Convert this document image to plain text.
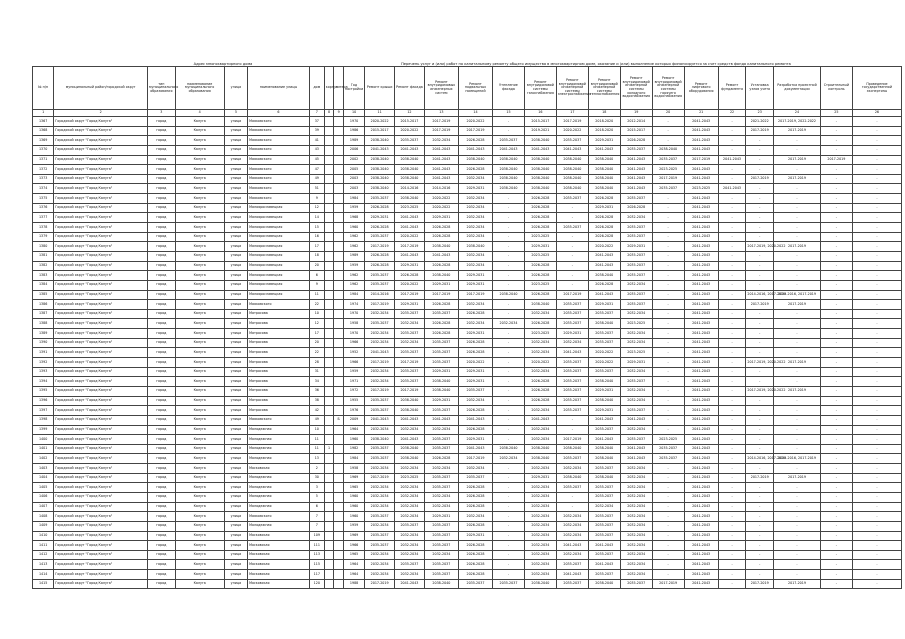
Адрес многоквартирного дома	Перечень услуг и (или) работ по капитальному ремонту общего имущества в многоквартирном доме, оказание и (или) выполнение которых финансируется за счет средств фонда капитального ремонта
№ п/п	муниципальный район/городской округ	тип муниципального образования	наименование муниципального образования	улица	наименование улицы	дом	корпус	литера	Год постройки	Ремонт крыши	Ремонт фасада	Ремонт внутридомовых инженерных систем	Ремонт подвальных помещений	Утепление фасада	Ремонт внутридомовой системы газоснабжения	Ремонт внутридомовой инженерной системы электроснабжения	Ремонт внутридомовой инженерной системы теплоснабжения	Ремонт внутридомовой инженерной системы холодного водоснабжения	Ремонт внутридомовой инженерной системы горячего водоснабжения	Ремонт лифтового оборудования	Ремонт фундамента	Установка узлов учета	Разработка проектной документации	Строительный контроль	Проведение государственной экспертизы
1	2	3	4	5	6	7	8	9	10	11	12	13	14	15	16	17	18	19	20	21	22	23	24	25	26
1367	Городской округ "Город Калуга"	город	Калуга	улица	Маяковского	37			1970	2020-2022	2015-2017	2017-2019	2020-2022	-	2015-2017	2017-2019	2018-2020	2012-2014	-	2041-2043	-	2021-2022	2017-2019, 2022-2022	-	-
1368	Городской округ "Город Калуга"	город	Калуга	улица	Маяковского	39			1986	2015-2017	2020-2022	2017-2019	2017-2019	-	2019-2021	2020-2022	2018-2020	2015-2017	-	2041-2043	-	2017-2019	2017-2019	-	-
1369	Городской округ "Город Калуга"	город	Калуга	улица	Маяковского	41			1989	2038-2040	2035-2037	2032-2034	2026-2028	2035-2037	2038-2040	2035-2037	2029-2031	2026-2028	-	2041-2043	-	-	-	-	-
1370	Городской округ "Город Калуга"	город	Калуга	улица	Маяковского	43			2006	2041-2043	2041-2043	2041-2043	2041-2043	2041-2043	2041-2043	2041-2043	2041-2043	2035-2037	2038-2040	2041-2043	-	-	-	-	-
1371	Городской округ "Город Калуга"	город	Калуга	улица	Маяковского	45			2002	2038-2040	2038-2040	2041-2043	2038-2040	2038-2040	2038-2040	2038-2040	2038-2040	2041-2043	2035-2037	2017-2019	2041-2043	-	2017-2019	2017-2019	-
1372	Городской округ "Город Калуга"	город	Калуга	улица	Маяковского	47			2005	2038-2040	2038-2040	2041-2043	2026-2028	2038-2040	2038-2040	2038-2040	2038-2040	2041-2043	2023-2025	2041-2043	-	-	-	-	-
1373	Городской округ "Город Калуга"	город	Калуга	улица	Маяковского	49			2003	2038-2040	2038-2040	2041-2043	2032-2034	2038-2040	2038-2040	2038-2040	2038-2040	2041-2043	2017-2019	2041-2043	-	2017-2019	2017-2019	-	-
1374	Городской округ "Город Калуга"	город	Калуга	улица	Маяковского	51			2003	2038-2040	2014-2016	2014-2016	2029-2031	2038-2040	2038-2040	2038-2040	2038-2040	2041-2043	2035-2037	2023-2025	2041-2043	-	-	-	-
1375	Городской округ "Город Калуга"	город	Калуга	улица	Маяковского	9			1984	2035-2037	2038-2040	2020-2022	2032-2034	-	2026-2028	2035-2037	2026-2028	2035-2037	-	2041-2043	-	-	-	-	-
1376	Городской округ "Город Калуга"	город	Калуга	улица	Малоярославецкая	12			1959	2026-2028	2023-2025	2020-2022	2032-2034	-	2026-2028	-	2029-2031	2026-2028	-	2041-2043	-	-	-	-	-
1377	Городской округ "Город Калуга"	город	Калуга	улица	Малоярославецкая	14			1968	2029-2031	2041-2043	2029-2031	2032-2034	-	2026-2028	-	2026-2028	2032-2034	-	2041-2043	-	-	-	-	-
1378	Городской округ "Город Калуга"	город	Калуга	улица	Малоярославецкая	15			1960	2026-2028	2041-2043	2026-2028	2032-2034	-	2026-2028	2035-2037	2026-2028	2035-2037	-	2041-2043	-	-	-	-	-
1379	Городской округ "Город Калуга"	город	Калуга	улица	Малоярославецкая	16			1962	2035-2037	2020-2022	2026-2028	2032-2034	-	2023-2025	-	2026-2028	2035-2037	-	2041-2043	-	-	-	-	-
1380	Городской округ "Город Калуга"	город	Калуга	улица	Малоярославецкая	17			1962	2017-2019	2017-2019	2038-2040	2038-2040	-	2029-2031	-	2020-2022	2029-2031	-	2041-2043	-	2017-2019, 2020-2022	2017-2019	-	-
1381	Городской округ "Город Калуга"	город	Калуга	улица	Малоярославецкая	18			1989	2026-2028	2041-2043	2041-2043	2032-2034	-	2023-2025	-	2041-2043	2035-2037	-	2041-2043	-	-	-	-	-
1382	Городской округ "Город Калуга"	город	Калуга	улица	Малоярославецкая	20			1959	2026-2028	2029-2031	2026-2028	2032-2034	-	2026-2028	-	2041-2043	2035-2037	-	2041-2043	-	-	-	-	-
1383	Городской округ "Город Калуга"	город	Калуга	улица	Малоярославецкая	6			1962	2035-2037	2026-2028	2038-2040	2029-2031	-	2026-2028	-	2038-2040	2035-2037	-	2041-2043	-	-	-	-	-
1384	Городской округ "Город Калуга"	город	Калуга	улица	Малоярославецкая	9			1962	2035-2037	2020-2022	2029-2031	2029-2031	-	2023-2025	-	2026-2028	2032-2034	-	2041-2043	-	-	-	-	-
1385	Городской округ "Город Калуга"	город	Калуга	улица	Малоярославецкая	11			1984	2014-2016	2017-2019	2017-2019	2017-2019	2038-2040	2026-2028	2017-2019	2041-2043	2035-2037	-	2041-2043	-	2014-2016, 2017-2019	2014-2016, 2017-2019	-	-
1386	Городской округ "Город Калуга"	город	Калуга	улица	Маяковского	22			1974	2017-2019	2029-2031	2026-2028	2032-2034	-	2038-2040	2035-2037	2029-2031	2035-2037	-	2041-2043	-	2017-2019	2017-2019	-	-
1387	Городской округ "Город Калуга"	город	Калуга	улица	Матросова	10			1970	2032-2034	2035-2037	2035-2037	2026-2028	-	2032-2034	2035-2037	2035-2037	2032-2034	-	2041-2043	-	-	-	-	-
1388	Городской округ "Город Калуга"	город	Калуга	улица	Матросова	12			1958	2035-2037	2032-2034	2026-2028	2032-2034	2032-2034	2026-2028	2035-2037	2038-2040	2023-2025	-	2041-2043	-	-	-	-	-
1389	Городской округ "Город Калуга"	город	Калуга	улица	Матросова	17			1970	2032-2034	2035-2037	2026-2028	2029-2031	-	2023-2025	2029-2031	2035-2037	2032-2034	-	2041-2043	-	-	-	-	-
1390	Городской округ "Город Калуга"	город	Калуга	улица	Матросова	20			1966	2032-2034	2032-2034	2035-2037	2026-2028	-	2032-2034	2032-2034	2035-2037	2032-2034	-	2041-2043	-	-	-	-	-
1391	Городской округ "Город Калуга"	город	Калуга	улица	Матросова	22			1952	2041-2043	2035-2037	2035-2037	2026-2028	-	2032-2034	2041-2043	2020-2022	2023-2025	-	2041-2043	-	-	-	-	-
1392	Городской округ "Город Калуга"	город	Калуга	улица	Матросова	28			1966	2017-2019	2017-2019	2035-2037	2020-2022	-	2020-2022	2035-2037	2020-2022	2029-2031	-	2041-2043	-	2017-2019, 2020-2022	2017-2019	-	-
1393	Городской округ "Город Калуга"	город	Калуга	улица	Матросова	31			1959	2032-2034	2035-2037	2029-2031	2029-2031	-	2032-2034	2035-2037	2035-2037	2032-2034	-	2041-2043	-	-	-	-	-
1394	Городской округ "Город Калуга"	город	Калуга	улица	Матросова	34			1971	2032-2034	2035-2037	2038-2040	2029-2031	-	2026-2028	2035-2037	2038-2040	2035-2037	-	2041-2043	-	-	-	-	-
1395	Городской округ "Город Калуга"	город	Калуга	улица	Матросова	36			1972	2017-2019	2017-2019	2038-2040	2035-2037	-	2026-2028	2035-2037	2029-2031	2032-2034	-	2041-2043	-	2017-2019, 2020-2022	2017-2019	-	-
1396	Городской округ "Город Калуга"	город	Калуга	улица	Матросова	38			1955	2035-2037	2038-2040	2029-2031	2032-2034	-	2026-2028	2035-2037	2038-2040	2032-2034	-	2041-2043	-	-	-	-	-
1397	Городской округ "Город Калуга"	город	Калуга	улица	Матросова	42			1976	2035-2037	2038-2040	2035-2037	2026-2028	-	2032-2034	2035-2037	2029-2031	2035-2037	-	2041-2043	-	-	-	-	-
1398	Городской округ "Город Калуга"	город	Калуга	улица	Маяковского	49		Б	2009	2041-2043	2041-2043	2041-2043	2041-2043	-	2041-2043	-	2041-2043	2041-2043	-	2041-2043	-	-	-	-	-
1399	Городской округ "Город Калуга"	город	Калуга	улица	Молодежная	10			1964	2032-2034	2032-2034	2032-2034	2026-2028	-	2032-2034	-	2035-2037	2032-2034	-	2041-2043	-	-	-	-	-
1400	Городской округ "Город Калуга"	город	Калуга	улица	Молодежная	11			1960	2038-2040	2041-2043	2035-2037	2029-2031	-	2032-2034	2017-2019	2041-2043	2035-2037	2023-2025	2041-2043	-	-	-	-	-
1401	Городской округ "Город Калуга"	город	Калуга	улица	Молодежная	11	1		1982	2035-2037	2038-2040	2035-2037	2041-2043	2038-2040	2038-2040	2038-2040	2038-2040	2041-2043	2035-2037	2041-2043	-	-	-	-	-
1402	Городской округ "Город Калуга"	город	Калуга	улица	Молодежная	13			1984	2035-2037	2038-2040	2026-2028	2017-2019	2032-2034	2038-2040	2035-2037	2038-2040	2041-2043	2035-2037	2041-2043	-	2014-2016, 2017-2019	2014-2016, 2017-2019	-	-
1403	Городской округ "Город Калуга"	город	Калуга	улица	Московская	2			1958	2032-2034	2032-2034	2032-2034	2032-2034	-	2032-2034	2032-2034	2035-2037	2032-2034	-	2041-2043	-	-	-	-	-
1404	Городской округ "Город Калуга"	город	Калуга	улица	Молодежная	30			1969	2017-2019	2023-2025	2035-2037	2035-2037	-	2029-2031	2038-2040	2038-2040	2032-2034	-	2041-2043	-	2017-2019	2017-2019	-	-
1405	Городской округ "Город Калуга"	город	Калуга	улица	Молодежная	3			1965	2032-2034	2032-2034	2035-2037	2026-2028	-	2032-2034	2035-2037	2035-2037	2032-2034	-	2041-2043	-	-	-	-	-
1406	Городской округ "Город Калуга"	город	Калуга	улица	Молодежная	5			1960	2032-2034	2032-2034	2032-2034	2026-2028	-	2032-2034	-	2035-2037	2032-2034	-	2041-2043	-	-	-	-	-
1407	Городской округ "Город Калуга"	город	Калуга	улица	Молодежная	6			1960	2032-2034	2032-2034	2032-2034	2026-2028	-	2032-2034	-	2032-2034	2032-2034	-	2041-2043	-	-	-	-	-
1408	Городской округ "Город Калуга"	город	Калуга	улица	Маяковского	7			1960	2035-2037	2032-2034	2029-2031	2032-2034	-	2032-2034	2032-2034	2035-2037	2032-2034	-	2041-2043	-	-	-	-	-
1409	Городской округ "Город Калуга"	город	Калуга	улица	Молодежная	7			1959	2032-2034	2035-2037	2035-2037	2026-2028	-	2032-2034	2032-2034	2035-2037	2032-2034	-	2041-2043	-	-	-	-	-
1410	Городской округ "Город Калуга"	город	Калуга	улица	Московская	109			1969	2035-2037	2032-2034	2035-2037	2029-2031	-	2032-2034	2032-2034	2035-2037	2032-2034	-	2041-2043	-	-	-	-	-
1411	Городской округ "Город Калуга"	город	Калуга	улица	Московская	111			1966	2035-2037	2032-2034	2035-2037	2026-2028	-	2032-2034	2041-2043	2041-2043	2032-2034	-	2041-2043	-	-	-	-	-
1412	Городской округ "Город Калуга"	город	Калуга	улица	Московская	113			1965	2032-2034	2032-2034	2032-2034	2026-2028	-	2032-2034	2032-2034	2035-2037	2032-2034	-	2041-2043	-	-	-	-	-
1413	Городской округ "Город Калуга"	город	Калуга	улица	Московская	115			1964	2032-2034	2035-2037	2035-2037	2026-2028	-	2032-2034	2035-2037	2041-2043	2032-2034	-	2041-2043	-	-	-	-	-
1414	Городской округ "Город Калуга"	город	Калуга	улица	Московская	117			1964	2032-2034	2032-2034	2035-2037	2026-2028	-	2032-2034	2041-2043	2035-2037	2032-2034	-	2041-2043	-	-	-	-	-
1415	Городской округ "Город Калуга"	город	Калуга	улица	Московская	120			1988	2017-2019	2041-2043	2038-2040	2035-2037	2035-2037	2038-2040	2035-2037	2038-2040	2035-2037	2017-2019	2041-2043	-	2017-2019	2017-2019	-	-
